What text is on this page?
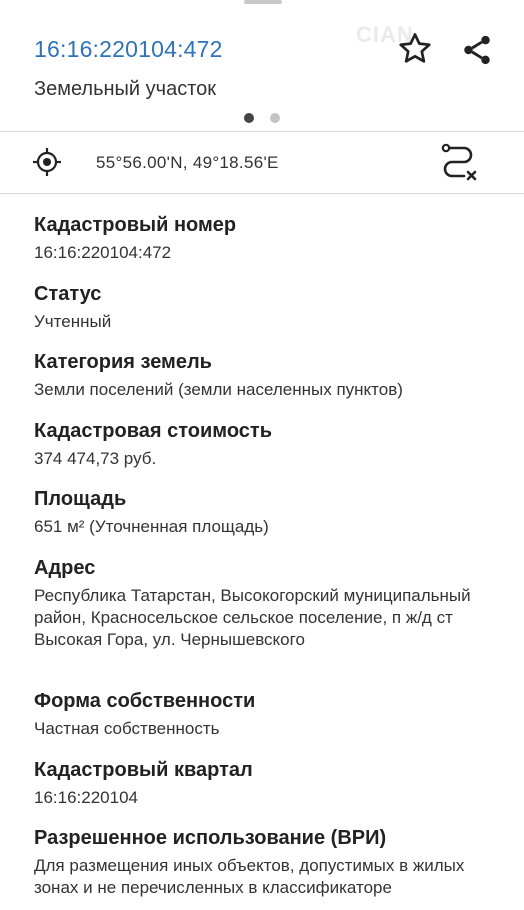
CIAN
16:16:220104:472
Земельный участок
55°56.00'N, 49°18.56'E
Кадастровый номер
16:16:220104:472
Статус
Учтенный
Категория земель
Земли поселений (земли населенных пунктов)
Кадастровая стоимость
374 474,73 руб.
Площадь
651 м² (Уточненная площадь)
Адрес
Республика Татарстан, Высокогорский муниципальный район, Красносельское сельское поселение, п ж/д ст Высокая Гора, ул. Чернышевского
Форма собственности
Частная собственность
Кадастровый квартал
16:16:220104
Разрешенное использование (ВРИ)
Для размещения иных объектов, допустимых в жилых зонах и не перечисленных в классификаторе
